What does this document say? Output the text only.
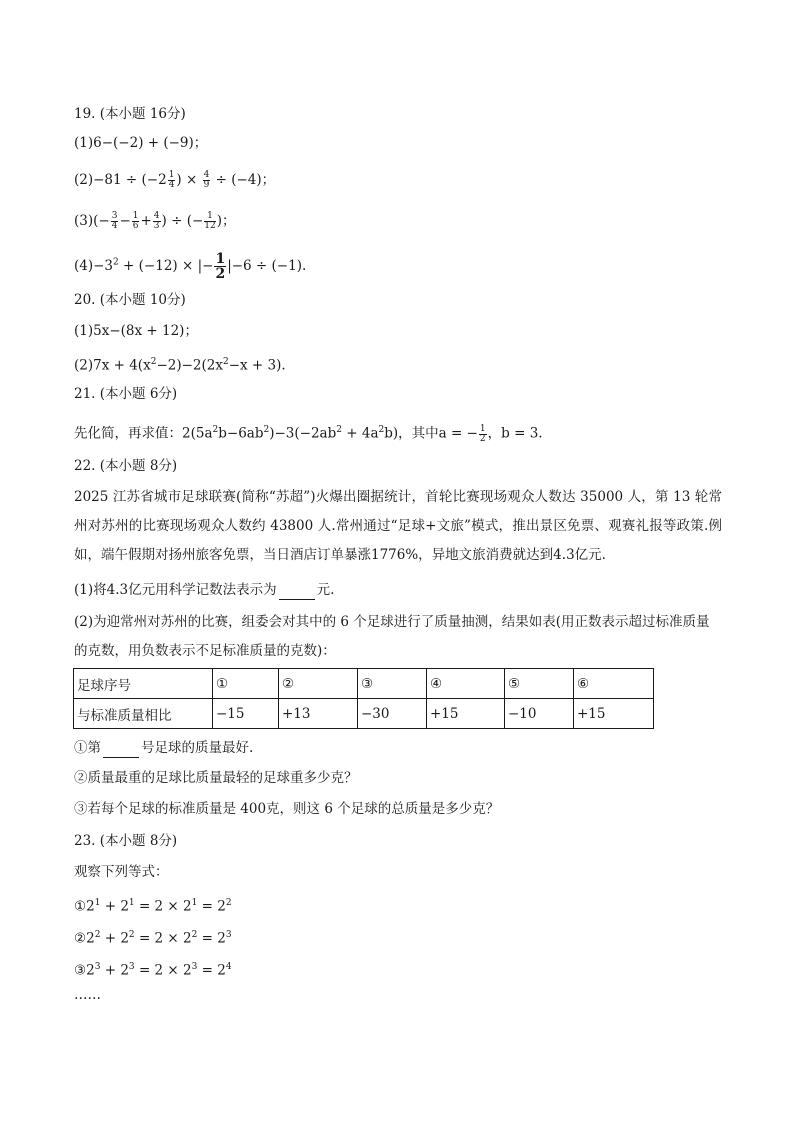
19. (本小题 16分)
(1)6−(−2) + (−9)；
$(2)-81 \div (-2 \frac{1}{4}$ ) × $\frac{4}{9} \div (-4)$；
$(3)(- \frac{3}{4} - \frac{1}{6} + \frac{4}{3}$ ) ÷ (− $\frac{1}{12}$ )；
$(4)-3^2 + (-12)$ × |− $\frac{1}{2} |-6 \div (-1)$.
20. (本小题 10分)
(1)5x−(8x + 12)；
$(2)7x + 4(x^2-2)-2(2x^2-x + 3)$.
21. (本小题 6分)
先化简，再求值：$2(5a^2b-6ab^2)-3(-2ab^2 + 4a^2b)$，其中a = − $\frac{1}{2}$ ，b = 3.
22. (本小题 8分)
2025 江苏省城市足球联赛(简称“苏超”)火爆出圈据统计，首轮比赛现场观众人数达 35000 人，第 13 轮常州对苏州的比赛现场观众人数约 43800 人.常州通过“足球+文旅”模式，推出景区免票、观赛礼报等政策.例如，端午假期对扬州旅客免票，当日酒店订单暴涨1776%，异地文旅消费就达到4.3亿元.
(1)将4.3亿元用科学记数法表示为	元.
(2)为迎常州对苏州的比赛，组委会对其中的 6 个足球进行了质量抽测，结果如表(用正数表示超过标准质量的克数，用负数表示不足标准质量的克数)：
足球序号	①	②	③	④	⑤	⑥
与标准质量相比	−15	+13	−30	+15	−10	+15
①第	号足球的质量最好.
②质量最重的足球比质量最轻的足球重多少克？
③若每个足球的标准质量是 400克，则这 6 个足球的总质量是多少克？
23. (本小题 8分)
观察下列等式：
$①2^1 + 2^1 = 2 \times 2^1 = 2^2$
$②2^2 + 2^2 = 2 \times 2^2 = 2^3$
$③2^3 + 2^3 = 2 \times 2^3 = 2^4$
……
